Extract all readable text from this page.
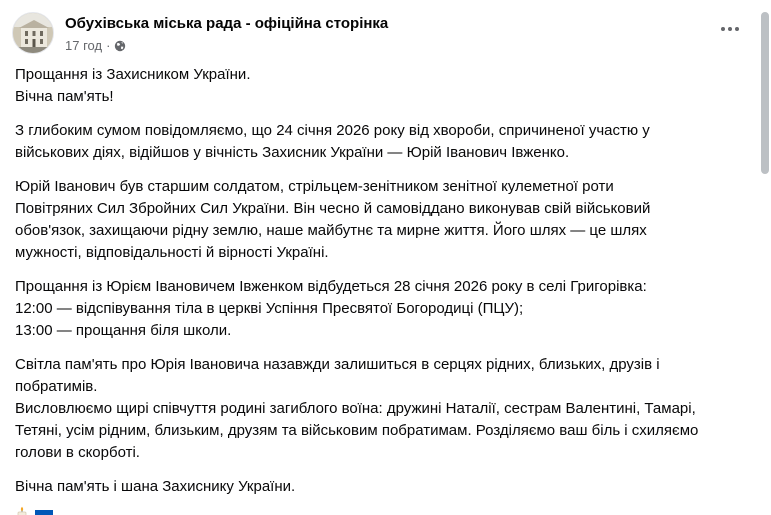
Обухівська міська рада - офіційна сторінка
17 год ·
Прощання із Захисником України.
Вічна пам'ять!
З глибоким сумом повідомляємо, що 24 січня 2026 року від хвороби, спричиненої участю у
військових діях, відійшов у вічність Захисник України — Юрій Іванович Івженко.
Юрій Іванович був старшим солдатом, стрільцем-зенітником зенітної кулеметної роти
Повітряних Сил Збройних Сил України. Він чесно й самовіддано виконував свій військовий
обов'язок, захищаючи рідну землю, наше майбутнє та мирне життя. Його шлях — це шлях
мужності, відповідальності й вірності Україні.
Прощання із Юрієм Івановичем Івженком відбудеться 28 січня 2026 року в селі Григорівка:
12:00 — відспівування тіла в церкві Успіння Пресвятої Богородиці (ПЦУ);
13:00 — прощання біля школи.
Світла пам'ять про Юрія Івановича назавжди залишиться в серцях рідних, близьких, друзів і
побратимів.
Висловлюємо щирі співчуття родині загиблого воїна: дружині Наталії, сестрам Валентині, Тамарі,
Тетяні, усім рідним, близьким, друзям та військовим побратимам. Розділяємо ваш біль і схиляємо
голови в скорботі.
Вічна пам'ять і шана Захиснику України.
